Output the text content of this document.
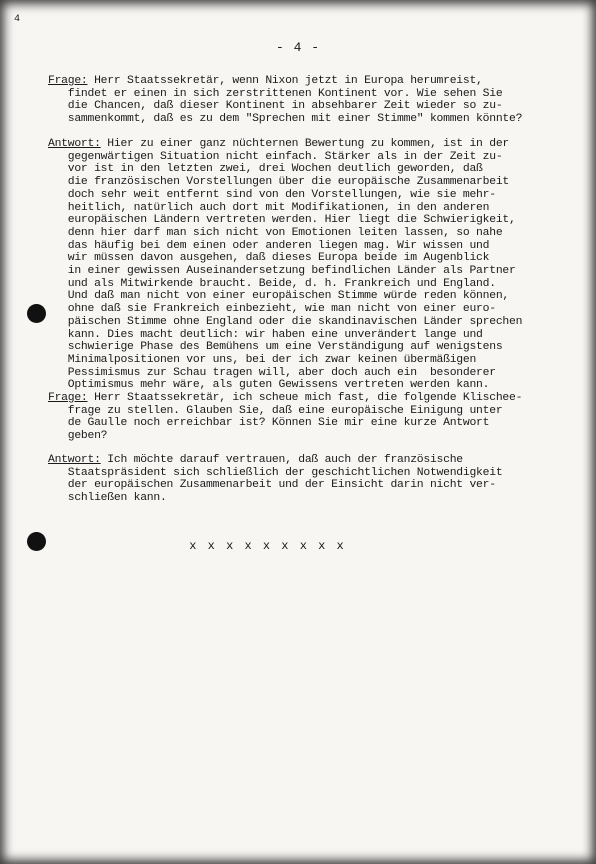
4
- 4 -
Frage: Herr Staatssekretär, wenn Nixon jetzt in Europa herumreist,
findet er einen in sich zerstrittenen Kontinent vor. Wie sehen Sie
die Chancen, daß dieser Kontinent in absehbarer Zeit wieder so zu-
sammenkommt, daß es zu dem "Sprechen mit einer Stimme" kommen könnte?
Antwort: Hier zu einer ganz nüchternen Bewertung zu kommen, ist in der
gegenwärtigen Situation nicht einfach. Stärker als in der Zeit zu-
vor ist in den letzten zwei, drei Wochen deutlich geworden, daß
die französischen Vorstellungen über die europäische Zusammenarbeit
doch sehr weit entfernt sind von den Vorstellungen, wie sie mehr-
heitlich, natürlich auch dort mit Modifikationen, in den anderen
europäischen Ländern vertreten werden. Hier liegt die Schwierigkeit,
denn hier darf man sich nicht von Emotionen leiten lassen, so nahe
das häufig bei dem einen oder anderen liegen mag. Wir wissen und
wir müssen davon ausgehen, daß dieses Europa beide im Augenblick
in einer gewissen Auseinandersetzung befindlichen Länder als Partner
und als Mitwirkende braucht. Beide, d. h. Frankreich und England.
Und daß man nicht von einer europäischen Stimme würde reden können,
ohne daß sie Frankreich einbezieht, wie man nicht von einer euro-
päischen Stimme ohne England oder die skandinavischen Länder sprechen
kann. Dies macht deutlich: wir haben eine unverändert lange und
schwierige Phase des Bemühens um eine Verständigung auf wenigstens
Minimalpositionen vor uns, bei der ich zwar keinen übermäßigen
Pessimismus zur Schau tragen will, aber doch auch ein  besonderer
Optimismus mehr wäre, als guten Gewissens vertreten werden kann.
Frage: Herr Staatssekretär, ich scheue mich fast, die folgende Klischee-
frage zu stellen. Glauben Sie, daß eine europäische Einigung unter
de Gaulle noch erreichbar ist? Können Sie mir eine kurze Antwort
geben?
Antwort: Ich möchte darauf vertrauen, daß auch der französische
Staatspräsident sich schließlich der geschichtlichen Notwendigkeit
der europäischen Zusammenarbeit und der Einsicht darin nicht ver-
schließen kann.
x x x x x x x x x
